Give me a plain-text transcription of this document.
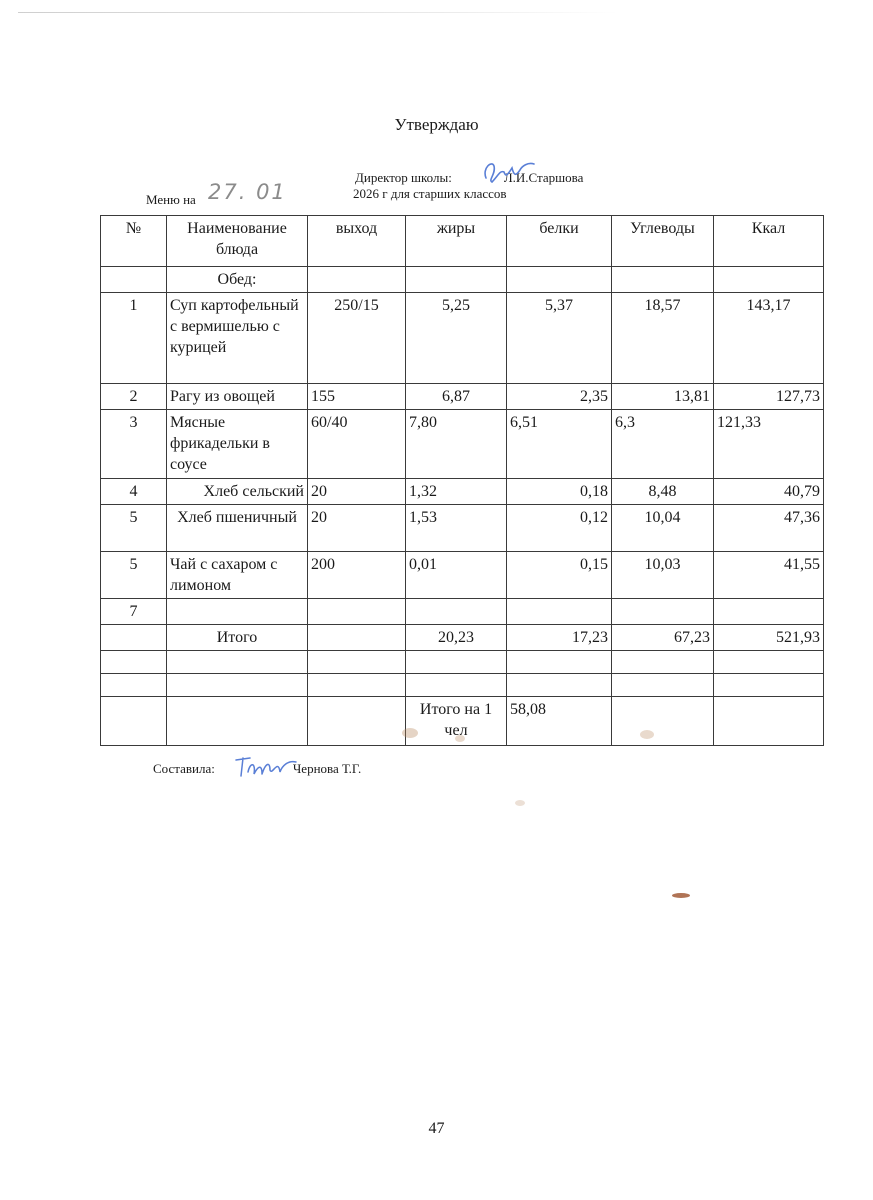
Утверждаю
Директор школы:	Л.И.Старшова
2026 г для старших классов
Меню на 27. 01
№	Наименование блюда	выход	жиры	белки	Углеводы	Ккал
	Обед:					
1	Суп картофельный с вермишелью с курицей	250/15	5,25	5,37	18,57	143,17
2	Рагу из овощей	155	6,87	2,35	13,81	127,73
3	Мясные фрикадельки в соусе	60/40	7,80	6,51	6,3	121,33
4	Хлеб сельский	20	1,32	0,18	8,48	40,79
5	Хлеб пшеничный	20	1,53	0,12	10,04	47,36
5	Чай с сахаром с лимоном	200	0,01	0,15	10,03	41,55
7						
	Итого		20,23	17,23	67,23	521,93

			Итого на 1 чел	58,08		
Составила:	Чернова Т.Г.
47
